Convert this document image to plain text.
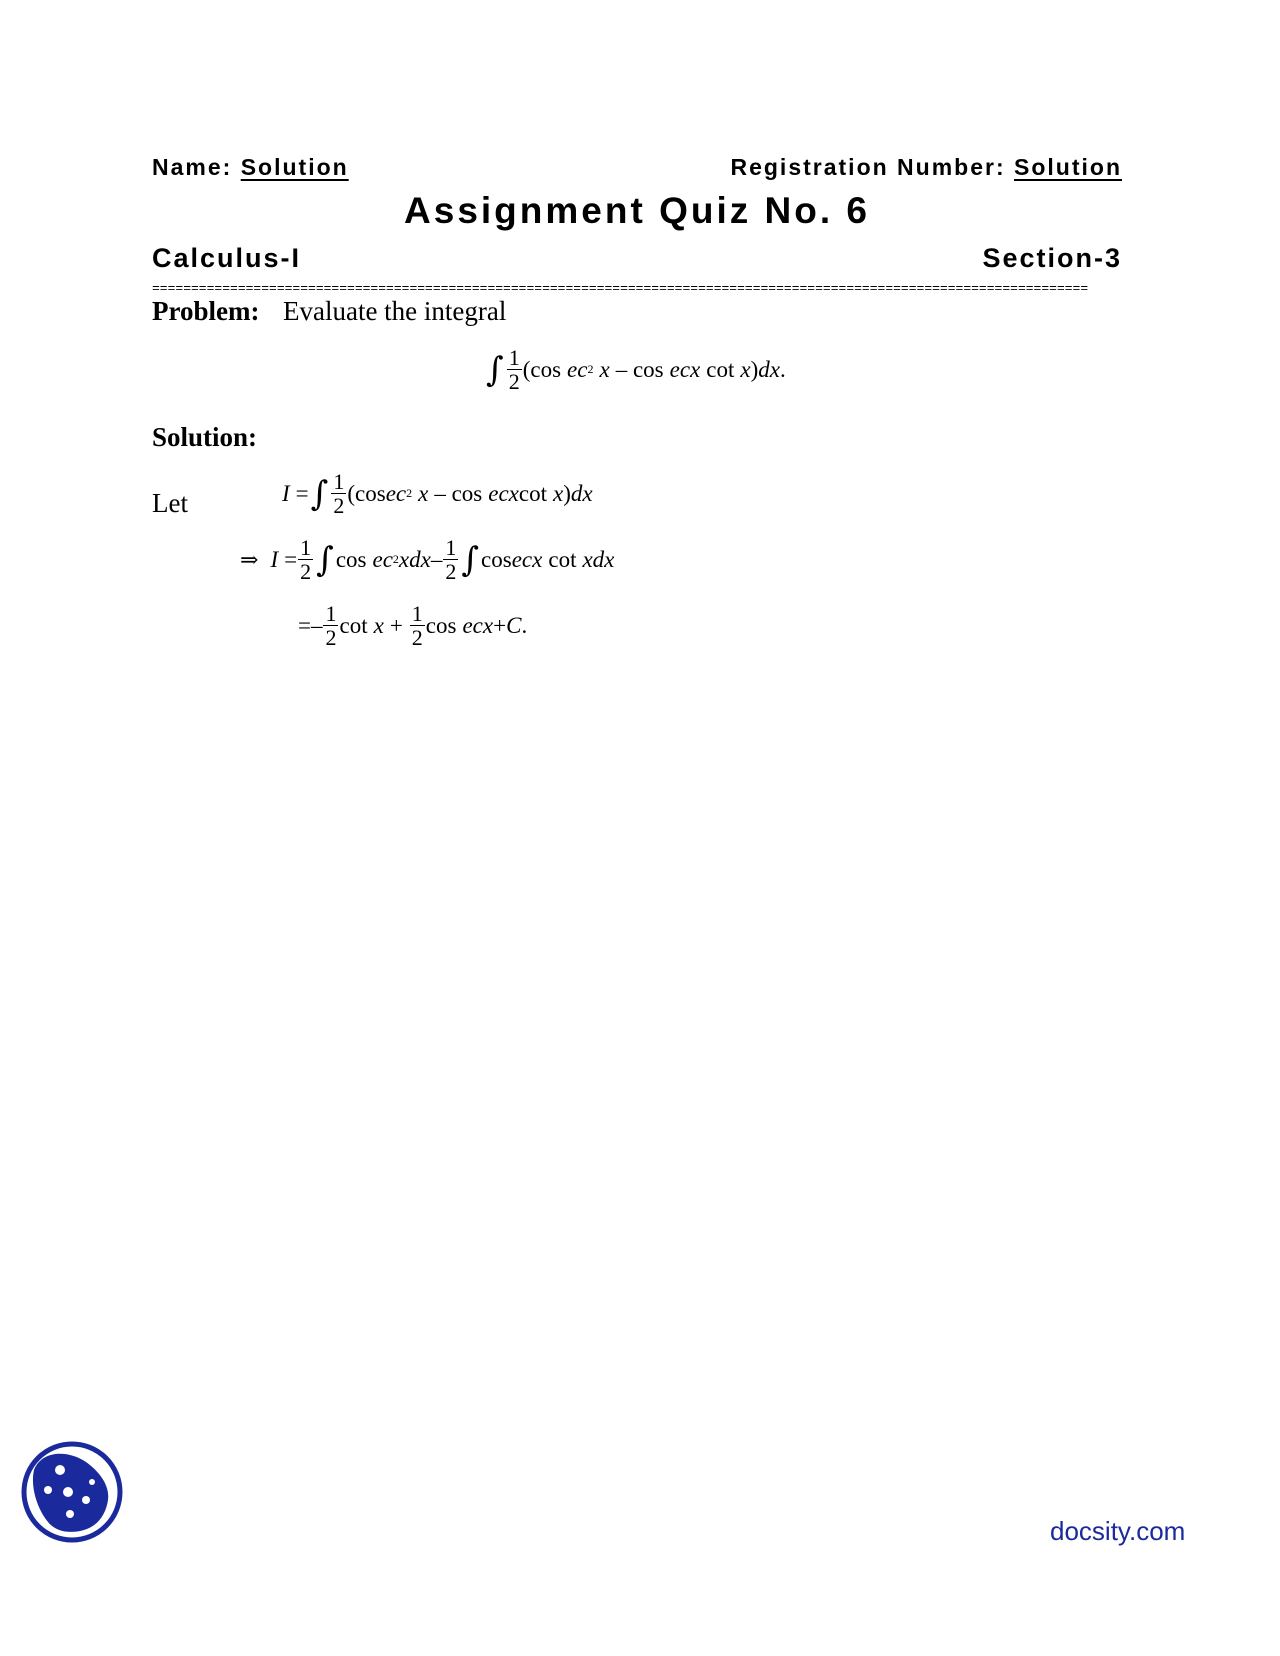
Name: Solution	Registration Number: Solution
Assignment Quiz No. 6
Calculus-I	Section-3
========================================================================================================================
Problem: Evaluate the integral
∫ $\frac{1}{2} (\cos$ ec 2 x – cos ecx cot x ) dx .
Solution:
Let	I = ∫ $\frac{1}{2} (\cos$ ec 2 x – cos ecx cot x ) dx
⇒ $I = \frac{1}{2}$ ∫ cos ec 2 xdx – $\frac{1}{2}$ ∫ cos ecx cot xdx
=– $\frac{1}{2}$ $\cot x + \frac{1}{2}$ cos ecx + C .
docsity.com
